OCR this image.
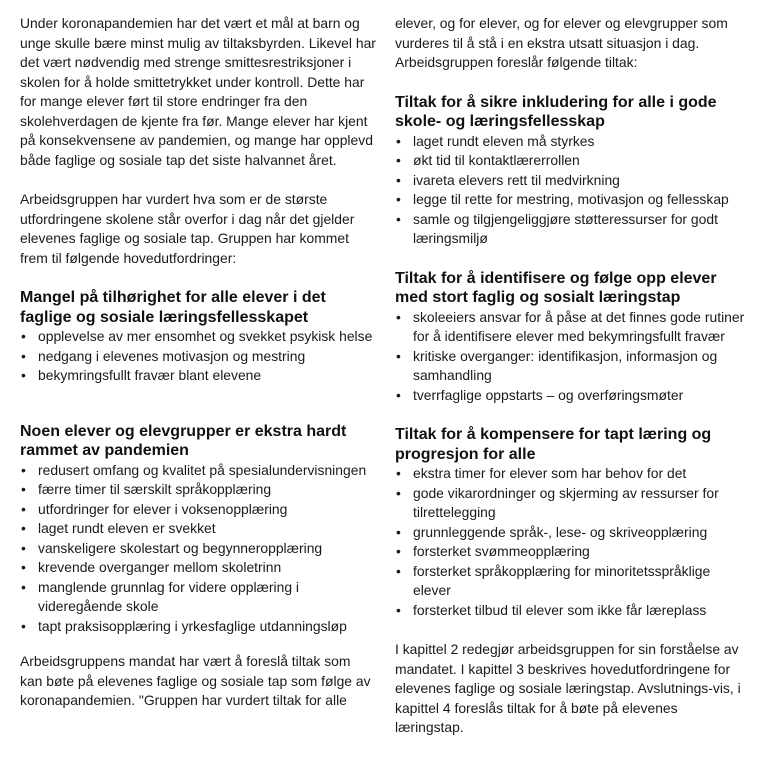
Under koronapandemien har det vært et mål at barn og unge skulle bære minst mulig av tiltaksbyrden. Likevel har det vært nødvendig med strenge smittesrestriksjoner i skolen for å holde smittetrykket under kontroll. Dette har for mange elever ført til store endringer fra den skolehverdagen de kjente fra før. Mange elever har kjent på konsekvensene av pandemien, og mange har opplevd både faglige og sosiale tap det siste halvannet året.

Arbeidsgruppen har vurdert hva som er de største utfordringene skolene står overfor i dag når det gjelder elevenes faglige og sosiale tap. Gruppen har kommet frem til følgende hovedutfordringer:

Mangel på tilhørighet for alle elever i det faglige og sosiale læringsfellesskapet
• opplevelse av mer ensomhet og svekket psykisk helse
• nedgang i elevenes motivasjon og mestring
• bekymringsfullt fravær blant elevene
Noen elever og elevgrupper er ekstra hardt rammet av pandemien
• redusert omfang og kvalitet på spesialundervisningen
• færre timer til særskilt språkopplæring
• utfordringer for elever i voksenopplæring
• laget rundt eleven er svekket
• vanskeligere skolestart og begynneropplæring
• krevende overganger mellom skoletrinn
• manglende grunnlag for videre opplæring i videregående skole
• tapt praksisopplæring i yrkesfaglige utdanningsløp

Arbeidsgruppens mandat har vært å foreslå tiltak som kan bøte på elevenes faglige og sosiale tap som følge av koronapandemien. "Gruppen har vurdert tiltak for alle

elever, og for elever, og for elever og elevgrupper som vurderes til å stå i en ekstra utsatt situasjon i dag. Arbeidsgruppen foreslår følgende tiltak:

Tiltak for å sikre inkludering for alle i gode skole- og læringsfellesskap
• laget rundt eleven må styrkes
• økt tid til kontaktlærerrollen
• ivareta elevers rett til medvirkning
• legge til rette for mestring, motivasjon og fellesskap
• samle og tilgjengeliggjøre støtteressurser for godt læringsmiljø
Tiltak for å identifisere og følge opp elever med stort faglig og sosialt læringstap
• skoleeiers ansvar for å påse at det finnes gode rutiner for å identifisere elever med bekymringsfullt fravær
• kritiske overganger: identifikasjon, informasjon og samhandling
• tverrfaglige oppstarts – og overføringsmøter
Tiltak for å kompensere for tapt læring og progresjon for alle
• ekstra timer for elever som har behov for det
• gode vikarordninger og skjerming av ressurser for tilrettelegging
• grunnleggende språk-, lese- og skriveopplæring
• forsterket svømmeopplæring
• forsterket språkopplæring for minoritetsspråklige elever
• forsterket tilbud til elever som ikke får læreplass

I kapittel 2 redegjør arbeidsgruppen for sin forståelse av mandatet. I kapittel 3 beskrives hovedutfordringene for elevenes faglige og sosiale læringstap. Avslutnings-vis, i kapittel 4 foreslås tiltak for å bøte på elevenes læringstap.
